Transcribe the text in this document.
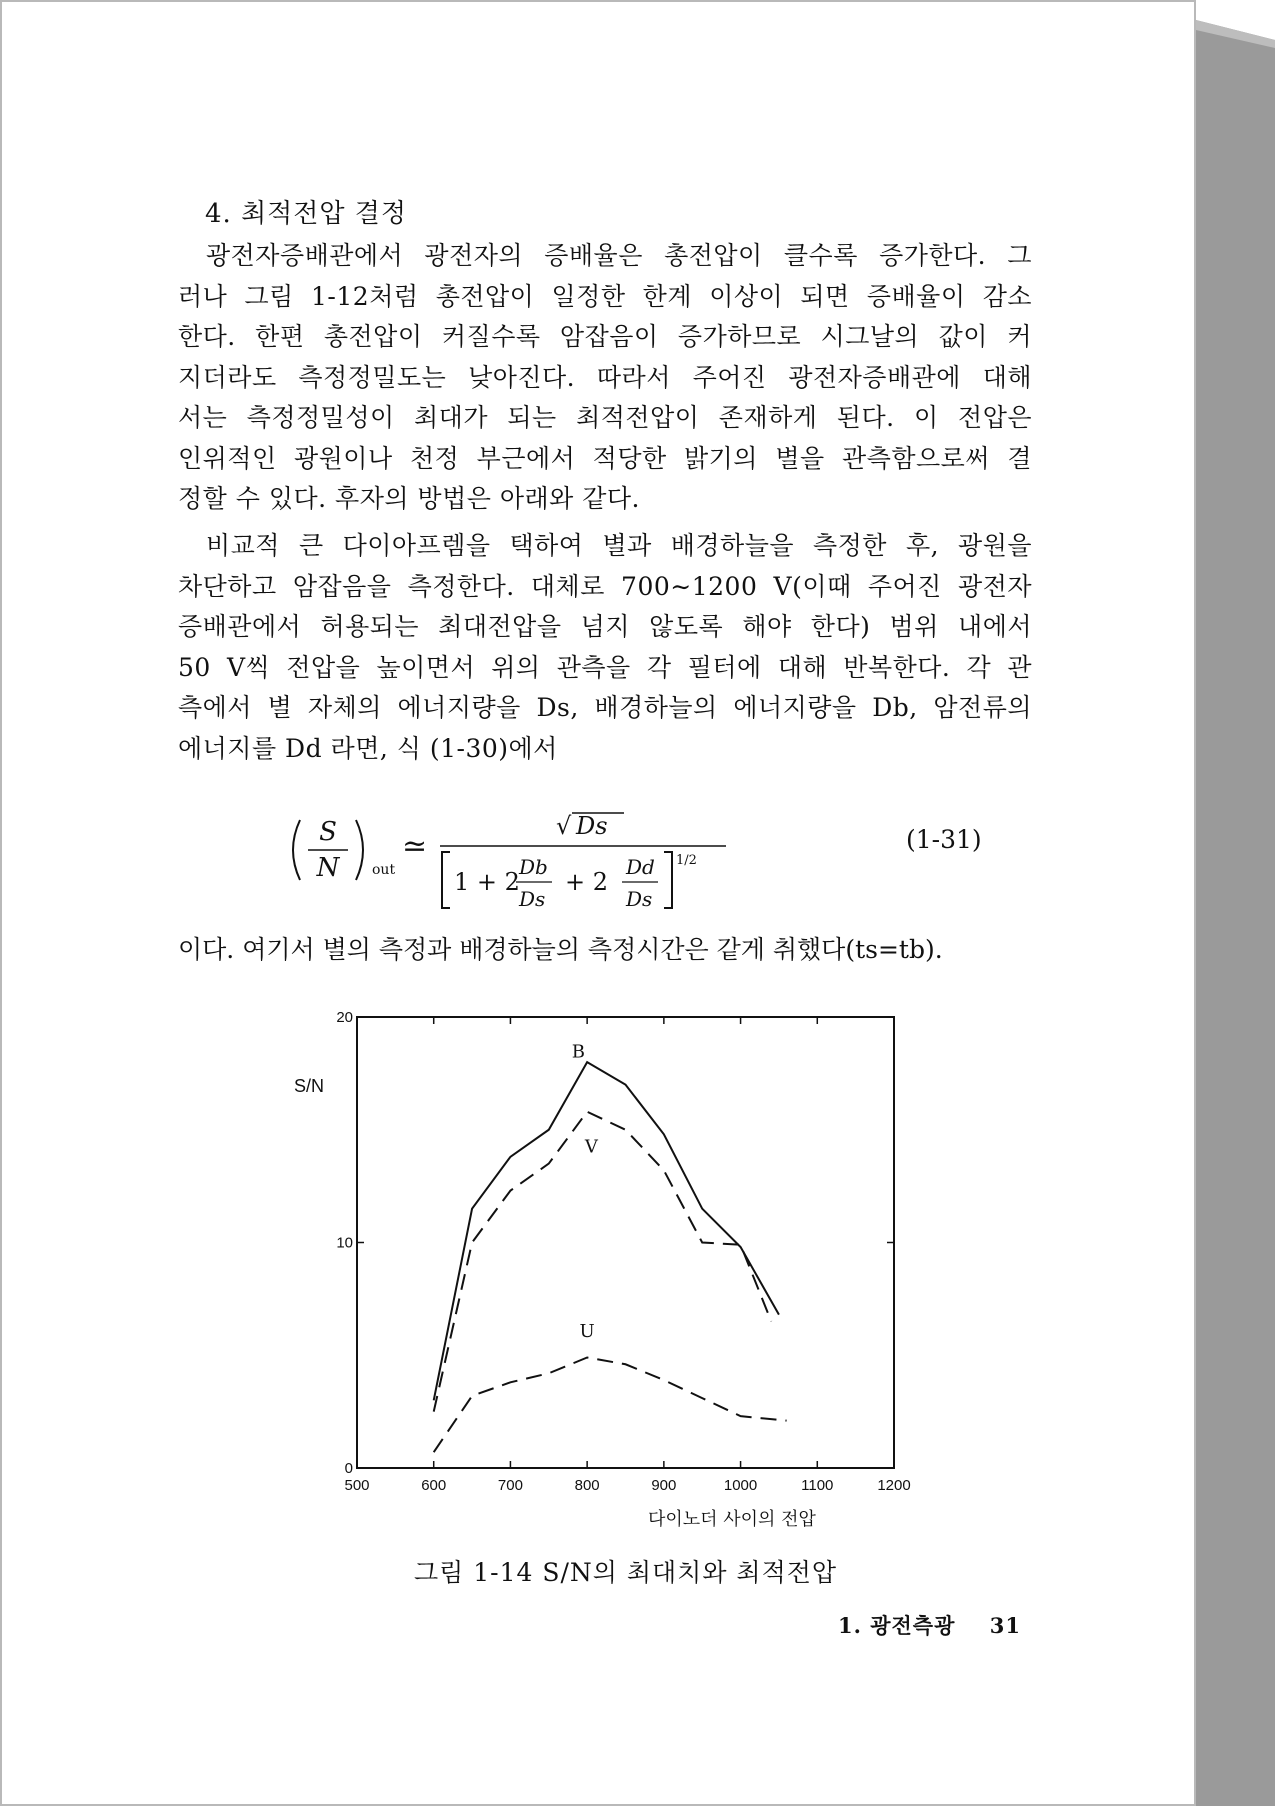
4. 최적전압 결정
광전자증배관에서 광전자의 증배율은 총전압이 클수록 증가한다. 그
러나 그림 1-12처럼 총전압이 일정한 한계 이상이 되면 증배율이 감소
한다. 한편 총전압이 커질수록 암잡음이 증가하므로 시그날의 값이 커
지더라도 측정정밀도는 낮아진다. 따라서 주어진 광전자증배관에 대해
서는 측정정밀성이 최대가 되는 최적전압이 존재하게 된다. 이 전압은
인위적인 광원이나 천정 부근에서 적당한 밝기의 별을 관측함으로써 결
정할 수 있다. 후자의 방법은 아래와 같다.
비교적 큰 다이아프렘을 택하여 별과 배경하늘을 측정한 후, 광원을
차단하고 암잡음을 측정한다. 대체로 700∼1200 V(이때 주어진 광전자
증배관에서 허용되는 최대전압을 넘지 않도록 해야 한다) 범위 내에서
50 V씩 전압을 높이면서 위의 관측을 각 필터에 대해 반복한다. 각 관
측에서 별 자체의 에너지량을 Ds, 배경하늘의 에너지량을 Db, 암전류의
에너지를 Dd 라면, 식 (1-30)에서
S
N out
≃
√ Ds
1 + 2
Db
Ds
+ 2
Dd
Ds
1/2
(1-31)
이다. 여기서 별의 측정과 배경하늘의 측정시간은 같게 취했다(ts=tb).
S/N
500	600	700	800	900	1000	1100	1200
0
10
20
B
V
U
다이노더 사이의 전압
그림 1-14 S/N의 최대치와 최적전압
1. 광전측광 31
